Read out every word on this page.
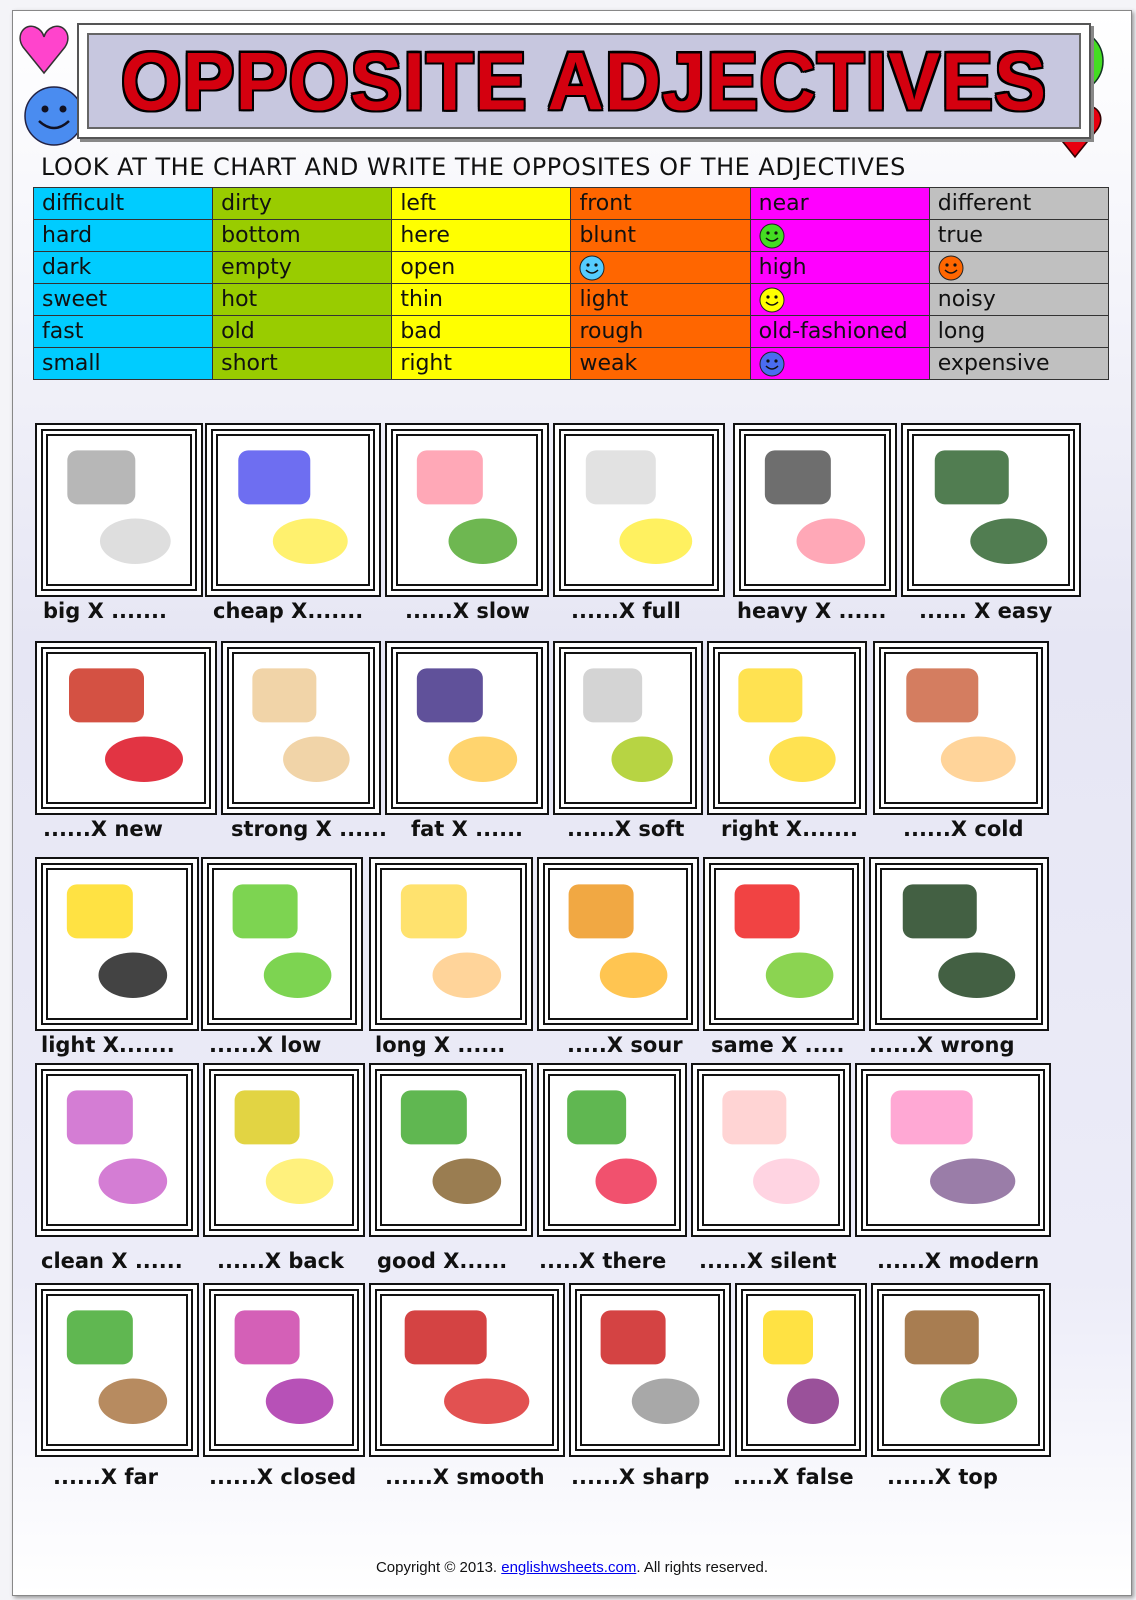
OPPOSITE ADJECTIVES
LOOK AT THE CHART AND WRITE THE OPPOSITES OF THE ADJECTIVES
difficult	dirty	left	front	near	different
hard	bottom	here	blunt		true
dark	empty	open		high	
sweet	hot	thin	light		noisy
fast	old	bad	rough	old-fashioned	long
small	short	right	weak		expensive
big X ....... cheap X....... ......X slow ......X full	heavy X ...... ...... X easy
......X new	strong X ...... fat X ...... ......X soft right X....... ......X cold
light X....... ......X low	long X ......	.....X sour same X ..... ......X wrong
clean X ...... ......X back good X...... .....X there ......X silent ......X modern
......X far ......X closed ......X smooth ......X sharp .....X false ......X top
Copyright © 2013. englishwsheets.com. All rights reserved.
